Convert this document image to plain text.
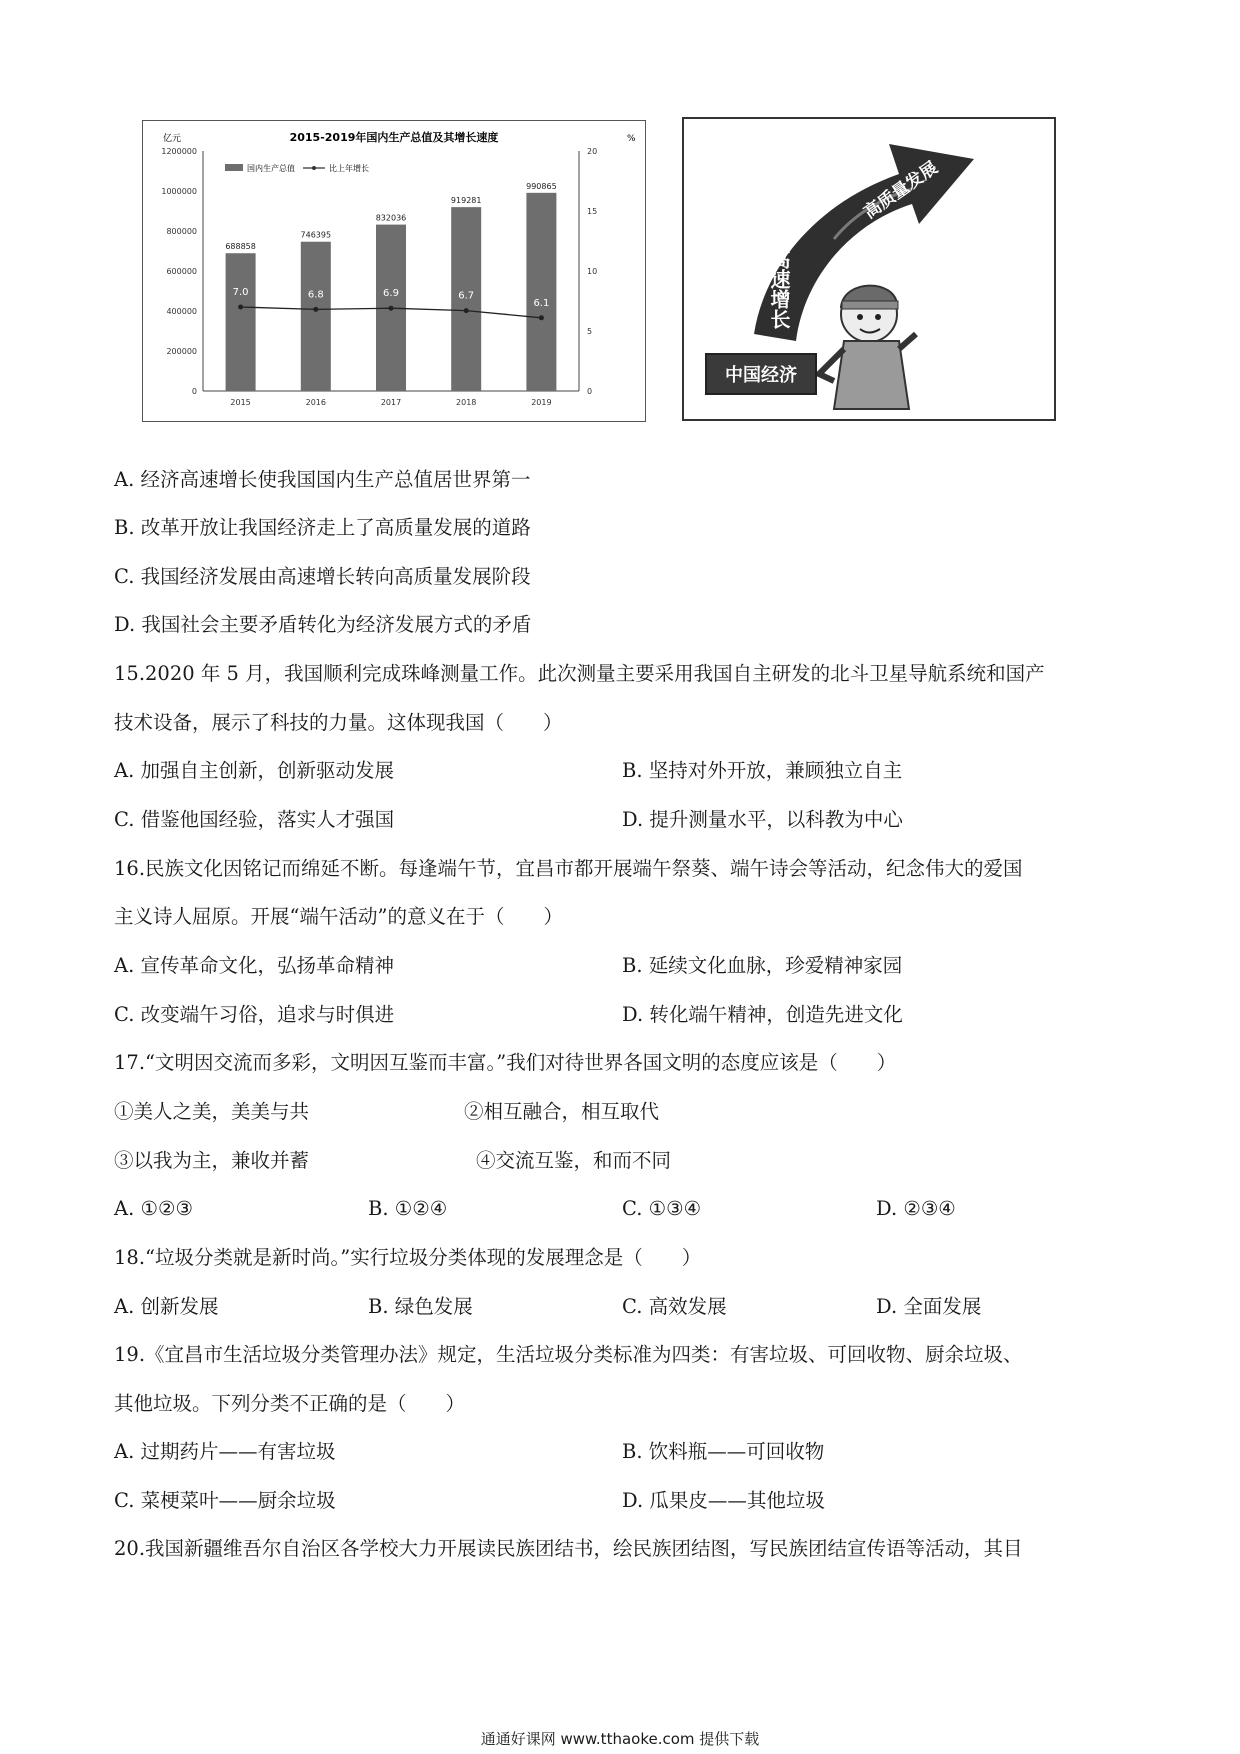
2015-2019年国内生产总值及其增长速度
亿元	%
1200000
1000000
800000
600000
400000
200000
0
20
15
10
5
0
国内生产总值	比上年增长
688858
2015
746395
2016
832036
2017
919281
2018
990865
2019
7.0	6.8	6.9	6.7
6.1
高质量发展
高速增长
中国经济
A. 经济高速增长使我国国内生产总值居世界第一
B. 改革开放让我国经济走上了高质量发展的道路
C. 我国经济发展由高速增长转向高质量发展阶段
D. 我国社会主要矛盾转化为经济发展方式的矛盾
15.2020 年 5 月，我国顺利完成珠峰测量工作。此次测量主要采用我国自主研发的北斗卫星导航系统和国产
技术设备，展示了科技的力量。这体现我国（　　）
A. 加强自主创新，创新驱动发展	B. 坚持对外开放，兼顾独立自主
C. 借鉴他国经验，落实人才强国	D. 提升测量水平，以科教为中心
16.民族文化因铭记而绵延不断。每逢端午节，宜昌市都开展端午祭葵、端午诗会等活动，纪念伟大的爱国
主义诗人屈原。开展“端午活动”的意义在于（　　）
A. 宣传革命文化，弘扬革命精神	B. 延续文化血脉，珍爱精神家园
C. 改变端午习俗，追求与时俱进	D. 转化端午精神，创造先进文化
17.“文明因交流而多彩，文明因互鉴而丰富。”我们对待世界各国文明的态度应该是（　　）
①美人之美，美美与共	②相互融合，相互取代
③以我为主，兼收并蓄	④交流互鉴，和而不同
A. ①②③	B. ①②④	C. ①③④	D. ②③④
18.“垃圾分类就是新时尚。”实行垃圾分类体现的发展理念是（　　）
A. 创新发展	B. 绿色发展	C. 高效发展	D. 全面发展
19.《宜昌市生活垃圾分类管理办法》规定，生活垃圾分类标准为四类：有害垃圾、可回收物、厨余垃圾、
其他垃圾。下列分类不正确的是（　　）
A. 过期药片——有害垃圾	B. 饮料瓶——可回收物
C. 菜梗菜叶——厨余垃圾	D. 瓜果皮——其他垃圾
20.我国新疆维吾尔自治区各学校大力开展读民族团结书，绘民族团结图，写民族团结宣传语等活动，其目
通通好课网 www.tthaoke.com 提供下载
